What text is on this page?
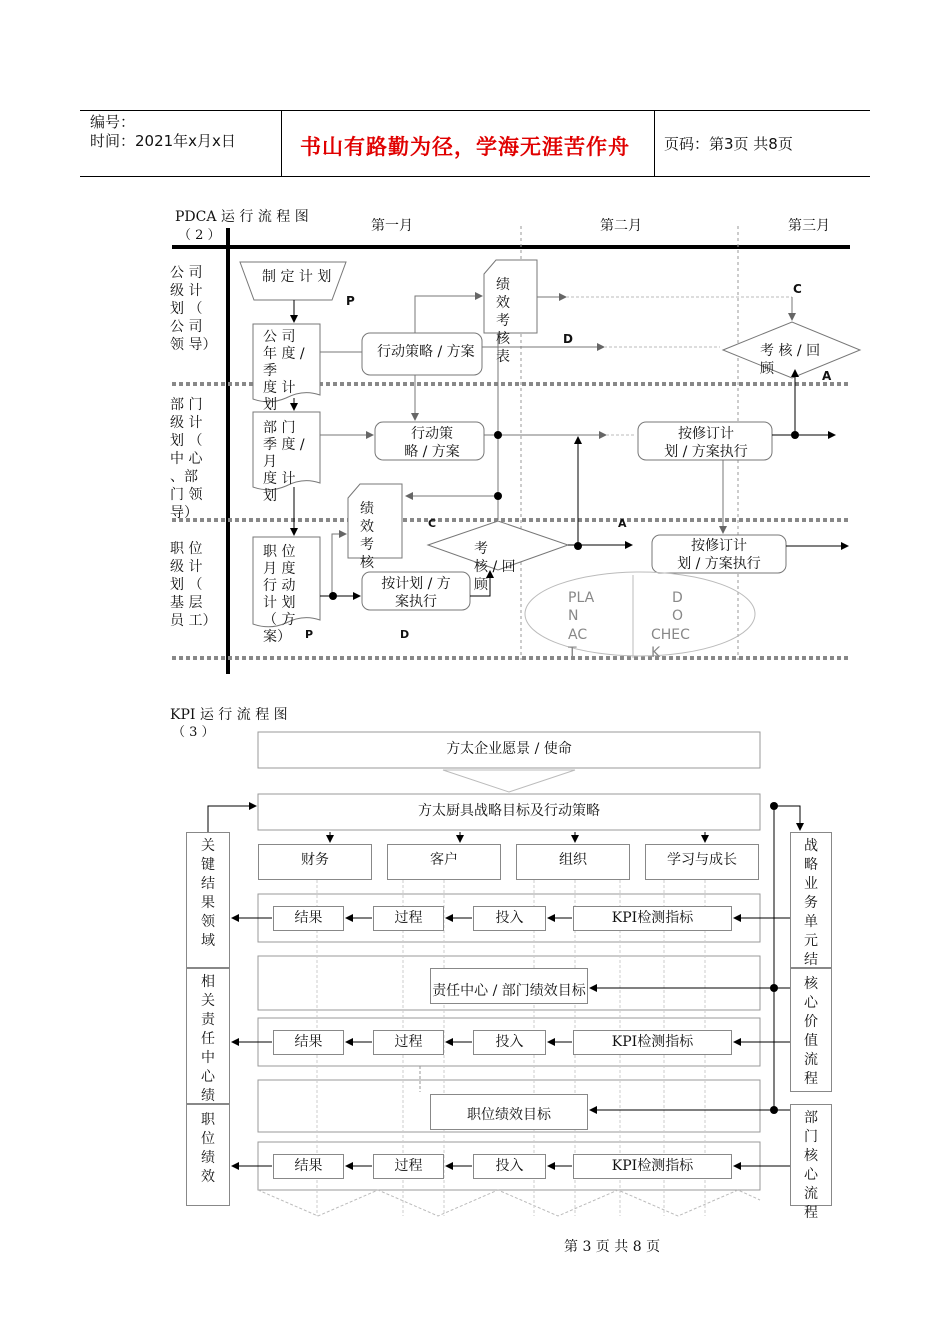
编号：
时间：2021年x月x日	书山有路勤为径，学海无涯苦作舟 页码：第3页 共8页
PDCA 运 行 流 程 图
（ 2 ）
第一月	第二月	第三月
公 司
级 计
划 （
公 司
领 导）
部 门
级 计
划 （
中 心
、部
门 领
导）
职 位
级 计
划 （
基 层
员 工）
制 定 计 划
公 司
年 度 / 季
度 计
划
行动策略 / 方案
绩
效
考
核
表	考 核 / 回 顾
部 门
季 度 / 月
度 计
划
行动策
略 / 方案
按修订计
划 / 方案执行
绩
效
考
核
考
核 / 回
顾
按修订计
划 / 方案执行
职 位
月 度
行 动
计 划
（ 方
案）
按计划 / 方
案执行
P
C
D
A
C	A
P	D
PLA
N
D
O
AC
T
CHEC
K
KPI 运 行 流 程 图
（ 3 ）
方太企业愿景 / 使命
方太厨具战略目标及行动策略
财务	客户	组织	学习与成长
结果	过程	投入	KPI检测指标
责任中心 / 部门绩效目标
结果	过程	投入	KPI检测指标
职位绩效目标
结果	过程	投入	KPI检测指标
关
键
结
果
领
域
相
关
责
任
中
心
绩
职
位
绩
效
战
略
业
务
单
元
结
核
心
价
值
流
程
部
门
核
心
流
程
第 3 页 共 8 页
